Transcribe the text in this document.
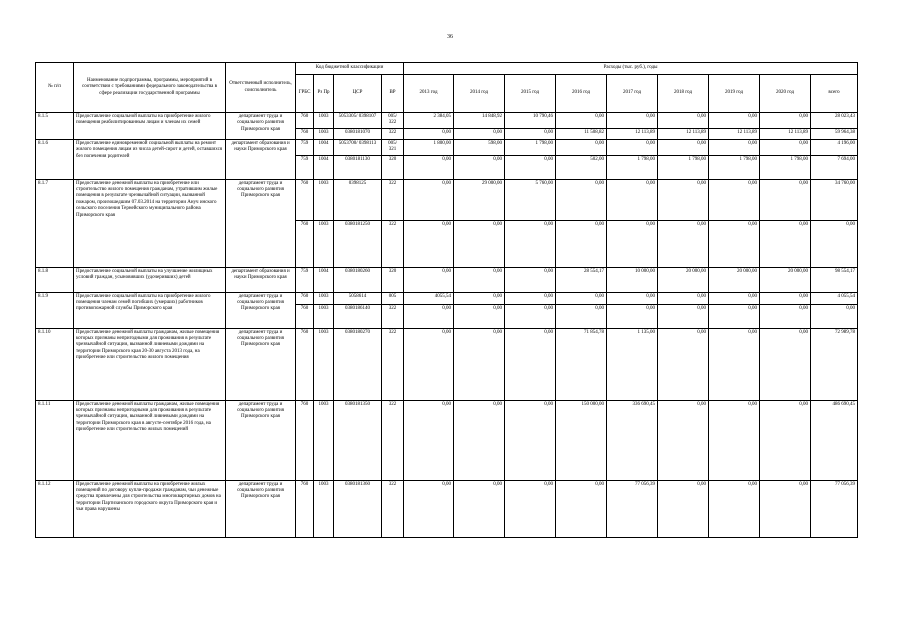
36
№ п/п	Наименование подпрограммы, программы, мероприятий в соответствии с требованиями федерального законодательства в сфере реализации государственной программы	Ответственный исполнитель, соисполнитель	Код бюджетной классификации				Расходы (тыс. руб.), годы								
			ГРБС	Рз Пр	ЦСР	ВР	2013 год	2014 год	2015 год	2016 год	2017 год	2018 год	2019 год	2020 год	всего
8.1.5	Предоставление социальной выплаты на приобретение жилого помещения реабилитированным лицам и членам их семей	департамент труда и социального развития Приморского края	760	1003	5053305/ 0398107	005/ 322	2 384,05	14 848,92	10 790,46	0,00	0,00	0,00	0,00	0,00	28 023,43
			760	1003	0380181070	322	0,00	0,00	0,00	11 508,82	12 113,89	12 113,89	12 113,89	12 113,89	59 964,38
8.1.6	Предоставление единовременной социальной выплаты на ремонт жилого помещения лицам из числа детей-сирот и детей, оставшихся без попечения родителей	департамент образования и науки Приморского края	759	1004	5053700/ 0398113	005/ 321	1 800,00	598,00	1 798,00	0,00	0,00	0,00	0,00	0,00	4 196,00
			759	1004	0380181130	320	0,00	0,00	0,00	502,00	1 798,00	1 798,00	1 798,00	1 798,00	7 694,00
8.1.7	Предоставление денежной выплаты на приобретение или строительство жилого помещения гражданам, утратившим жилые помещения в результате чрезвычайной ситуации, вызванной пожаром, произошедшим 07.03.2014 на территории Ануч инского сельского поселения Тернейского муниципального района Приморского края	департамент труда и социального развития Приморского края	760	1003	0398125	322	0,00	29 000,00	5 760,00	0,00	0,00	0,00	0,00	0,00	34 760,00
			760	1003	0380181250	322	0,00	0,00	0,00	0,00	0,00	0,00	0,00	0,00	0,00
8.1.8	Предоставление социальной выплаты на улучшение жилищных условий граждан, усыновивших (удочеривших) детей	департамент образования и науки Приморского края	759	1004	0380180260	320	0,00	0,00	0,00	28 554,17	10 000,00	20 000,00	20 000,00	20 000,00	98 554,17
8.1.9	Предоставление социальной выплаты на приобретение жилого помещения членам семей погибших (умерших) работников противопожарной службы Приморского края	департамент труда и социального развития Приморского края	760	1003	5058614	005	4055,54	0,00	0,00	0,00	0,00	0,00	0,00	0,00	4 055,54
			760	1003	0380186140	322	0,00	0,00	0,00	0,00	0,00	0,00	0,00	0,00	0,00
8.1.10	Предоставление денежной выплаты гражданам, жилые помещения которых признаны непригодными для проживания в результате чрезвычайной ситуации, вызванной ливневыми дождями на территории Приморского края 20-30 августа 2013 года, на приобретение или строительство жилого помещения	департамент труда и социального развития Приморского края	760	1003	0380180270	322	0,00	0,00	0,00	71 854,78	1 135,00	0,00	0,00	0,00	72 989,78
8.1.11	Предоставление денежной выплаты гражданам, жилые помещения которых признаны непригодными для проживания в результате чрезвычайной ситуации, вызванной ливневыми дождями на территории Приморского края в августе-сентябре 2016 года, на приобретение или строительство жилых помещений	департамент труда и социального развития Приморского края	760	1003	0380181350	322	0,00	0,00	0,00	150 000,00	336 690,45	0,00	0,00	0,00	486 690,45
8.1.12	Предоставление денежной выплаты на приобретение жилых помещений по договору купли-продажи гражданам, чьи денежные средства привлечены для строительства многоквартирных домов на территории Партизанского городского округа Приморского края и чьи права нарушены	департамент труда и социального развития Приморского края	760	1003	0380181360	322	0,00	0,00	0,00	0,00	77 056,39	0,00	0,00	0,00	77 056,39
